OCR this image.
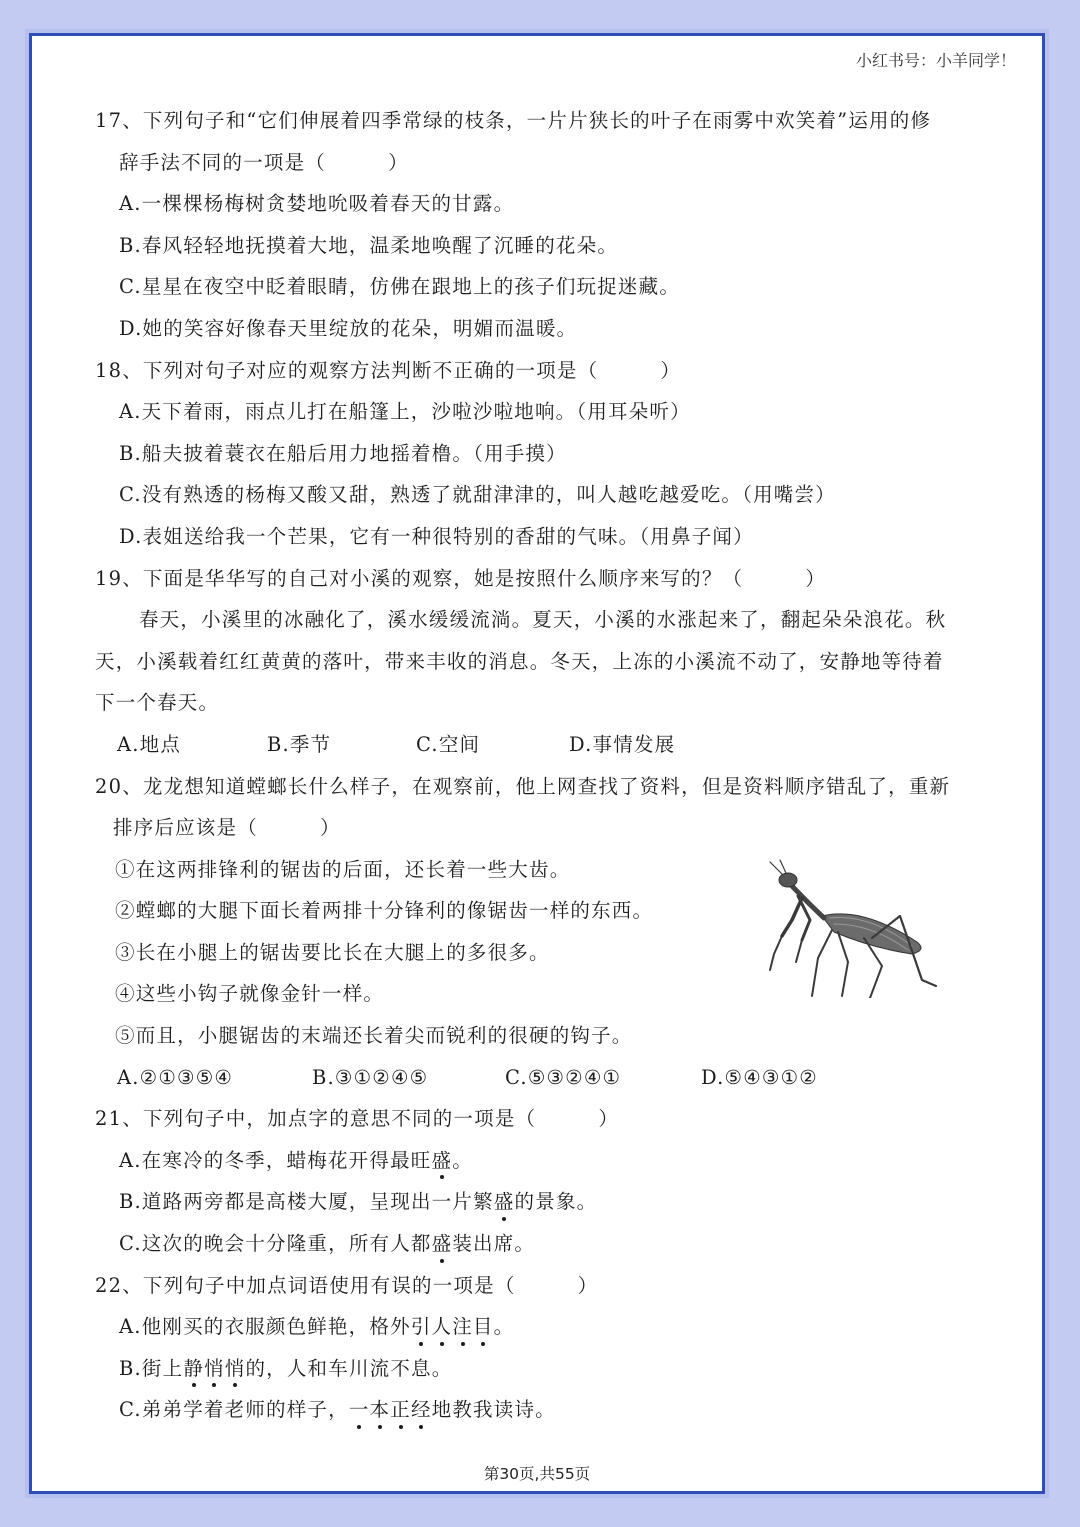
小红书号：小羊同学！
17、下列句子和“它们伸展着四季常绿的枝条，一片片狭长的叶子在雨雾中欢笑着”运用的修
辞手法不同的一项是（　　　）
A.一棵棵杨梅树贪婪地吮吸着春天的甘露。
B.春风轻轻地抚摸着大地，温柔地唤醒了沉睡的花朵。
C.星星在夜空中眨着眼睛，仿佛在跟地上的孩子们玩捉迷藏。
D.她的笑容好像春天里绽放的花朵，明媚而温暖。
18、下列对句子对应的观察方法判断不正确的一项是（　　　）
A.天下着雨，雨点儿打在船篷上，沙啦沙啦地响。（用耳朵听）
B.船夫披着蓑衣在船后用力地摇着橹。（用手摸）
C.没有熟透的杨梅又酸又甜，熟透了就甜津津的，叫人越吃越爱吃。（用嘴尝）
D.表姐送给我一个芒果，它有一种很特别的香甜的气味。（用鼻子闻）
19、下面是华华写的自己对小溪的观察，她是按照什么顺序来写的？（　　　）
春天，小溪里的冰融化了，溪水缓缓流淌。夏天，小溪的水涨起来了，翻起朵朵浪花。秋
天，小溪载着红红黄黄的落叶，带来丰收的消息。冬天，上冻的小溪流不动了，安静地等待着
下一个春天。
A.地点	B.季节	C.空间	D.事情发展
20、龙龙想知道螳螂长什么样子，在观察前，他上网查找了资料，但是资料顺序错乱了，重新
排序后应该是（　　　）
①在这两排锋利的锯齿的后面，还长着一些大齿。
②螳螂的大腿下面长着两排十分锋利的像锯齿一样的东西。
③长在小腿上的锯齿要比长在大腿上的多很多。
④这些小钩子就像金针一样。
⑤而且，小腿锯齿的末端还长着尖而锐利的很硬的钩子。
A.②①③⑤④	B.③①②④⑤	C.⑤③②④①	D.⑤④③①②
21、下列句子中，加点字的意思不同的一项是（　　　）
A.在寒冷的冬季，蜡梅花开得最旺盛。
B.道路两旁都是高楼大厦，呈现出一片繁盛的景象。
C.这次的晚会十分隆重，所有人都盛装出席。
22、下列句子中加点词语使用有误的一项是（　　　）
A.他刚买的衣服颜色鲜艳，格外引人注目。
B.街上静悄悄的，人和车川流不息。
C.弟弟学着老师的样子，一本正经地教我读诗。
第30页,共55页
